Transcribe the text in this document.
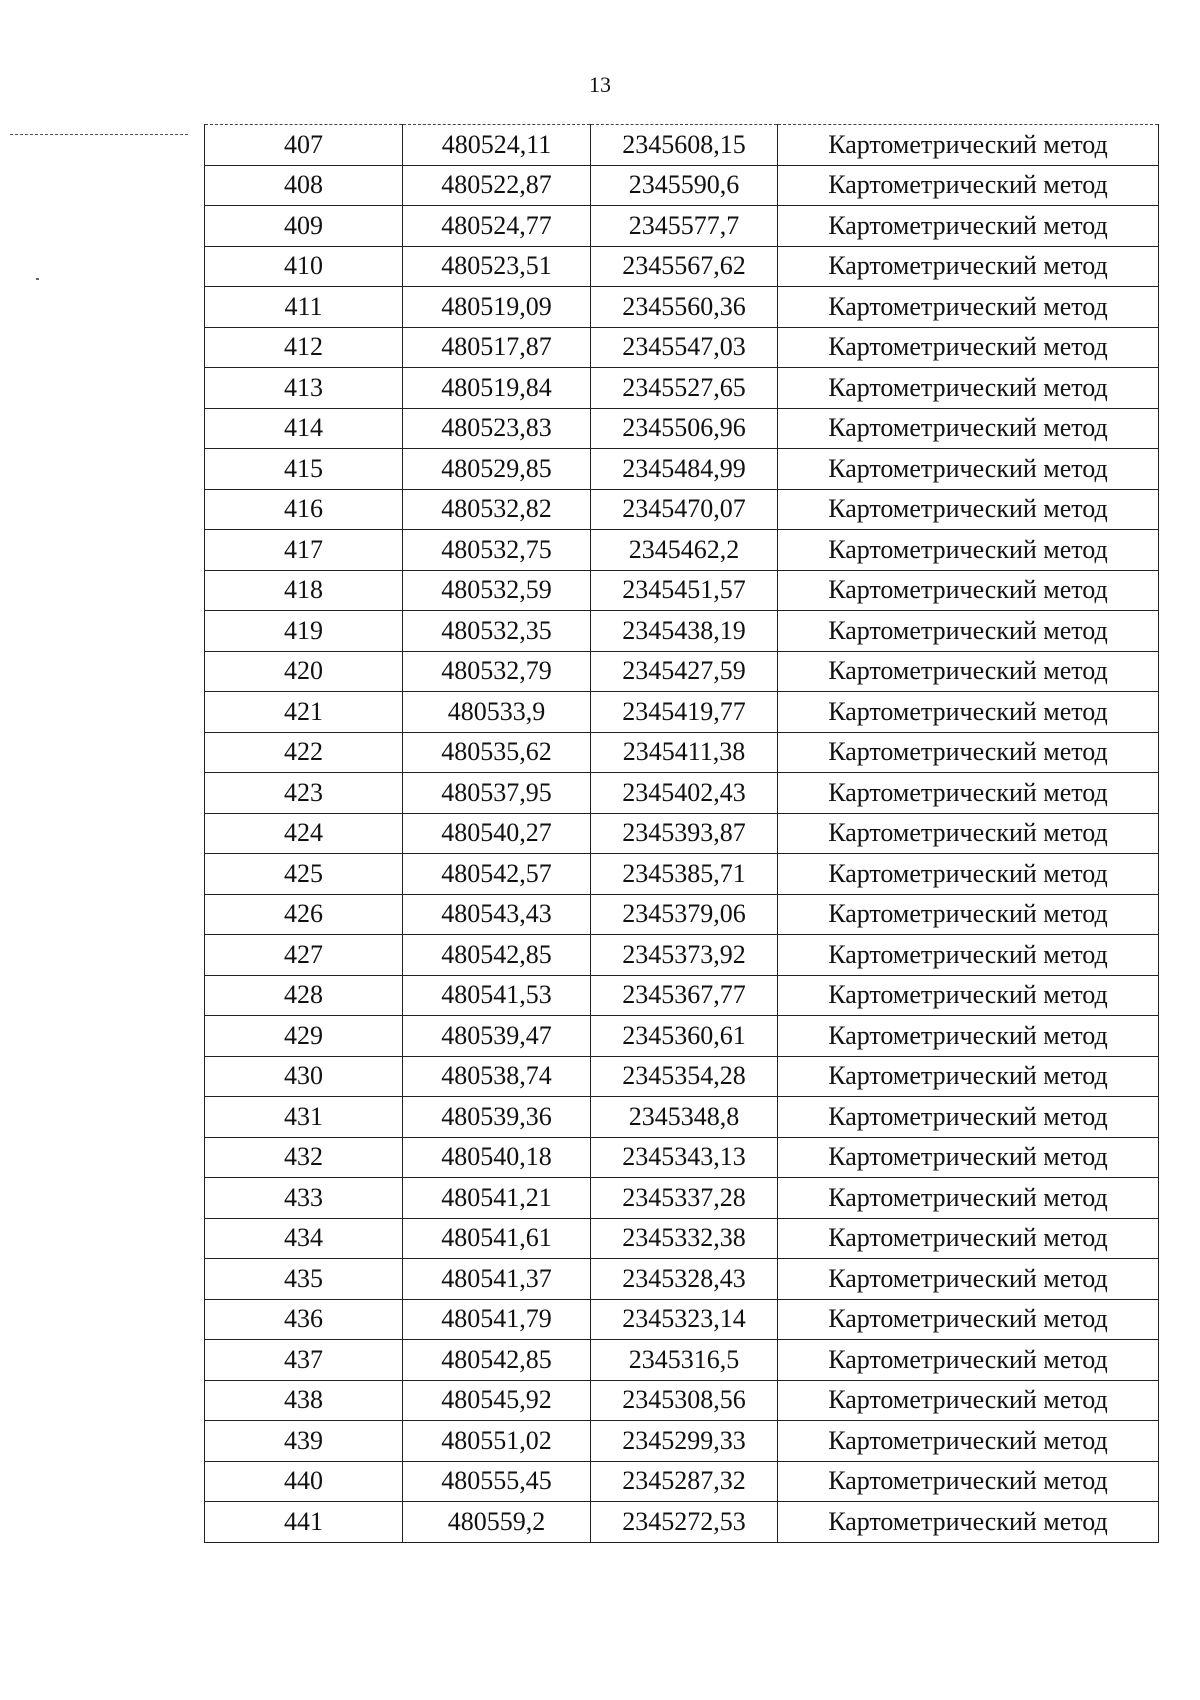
13
407	480524,11	2345608,15	Картометрический метод
408	480522,87	2345590,6	Картометрический метод
409	480524,77	2345577,7	Картометрический метод
410	480523,51	2345567,62	Картометрический метод
411	480519,09	2345560,36	Картометрический метод
412	480517,87	2345547,03	Картометрический метод
413	480519,84	2345527,65	Картометрический метод
414	480523,83	2345506,96	Картометрический метод
415	480529,85	2345484,99	Картометрический метод
416	480532,82	2345470,07	Картометрический метод
417	480532,75	2345462,2	Картометрический метод
418	480532,59	2345451,57	Картометрический метод
419	480532,35	2345438,19	Картометрический метод
420	480532,79	2345427,59	Картометрический метод
421	480533,9	2345419,77	Картометрический метод
422	480535,62	2345411,38	Картометрический метод
423	480537,95	2345402,43	Картометрический метод
424	480540,27	2345393,87	Картометрический метод
425	480542,57	2345385,71	Картометрический метод
426	480543,43	2345379,06	Картометрический метод
427	480542,85	2345373,92	Картометрический метод
428	480541,53	2345367,77	Картометрический метод
429	480539,47	2345360,61	Картометрический метод
430	480538,74	2345354,28	Картометрический метод
431	480539,36	2345348,8	Картометрический метод
432	480540,18	2345343,13	Картометрический метод
433	480541,21	2345337,28	Картометрический метод
434	480541,61	2345332,38	Картометрический метод
435	480541,37	2345328,43	Картометрический метод
436	480541,79	2345323,14	Картометрический метод
437	480542,85	2345316,5	Картометрический метод
438	480545,92	2345308,56	Картометрический метод
439	480551,02	2345299,33	Картометрический метод
440	480555,45	2345287,32	Картометрический метод
441	480559,2	2345272,53	Картометрический метод
